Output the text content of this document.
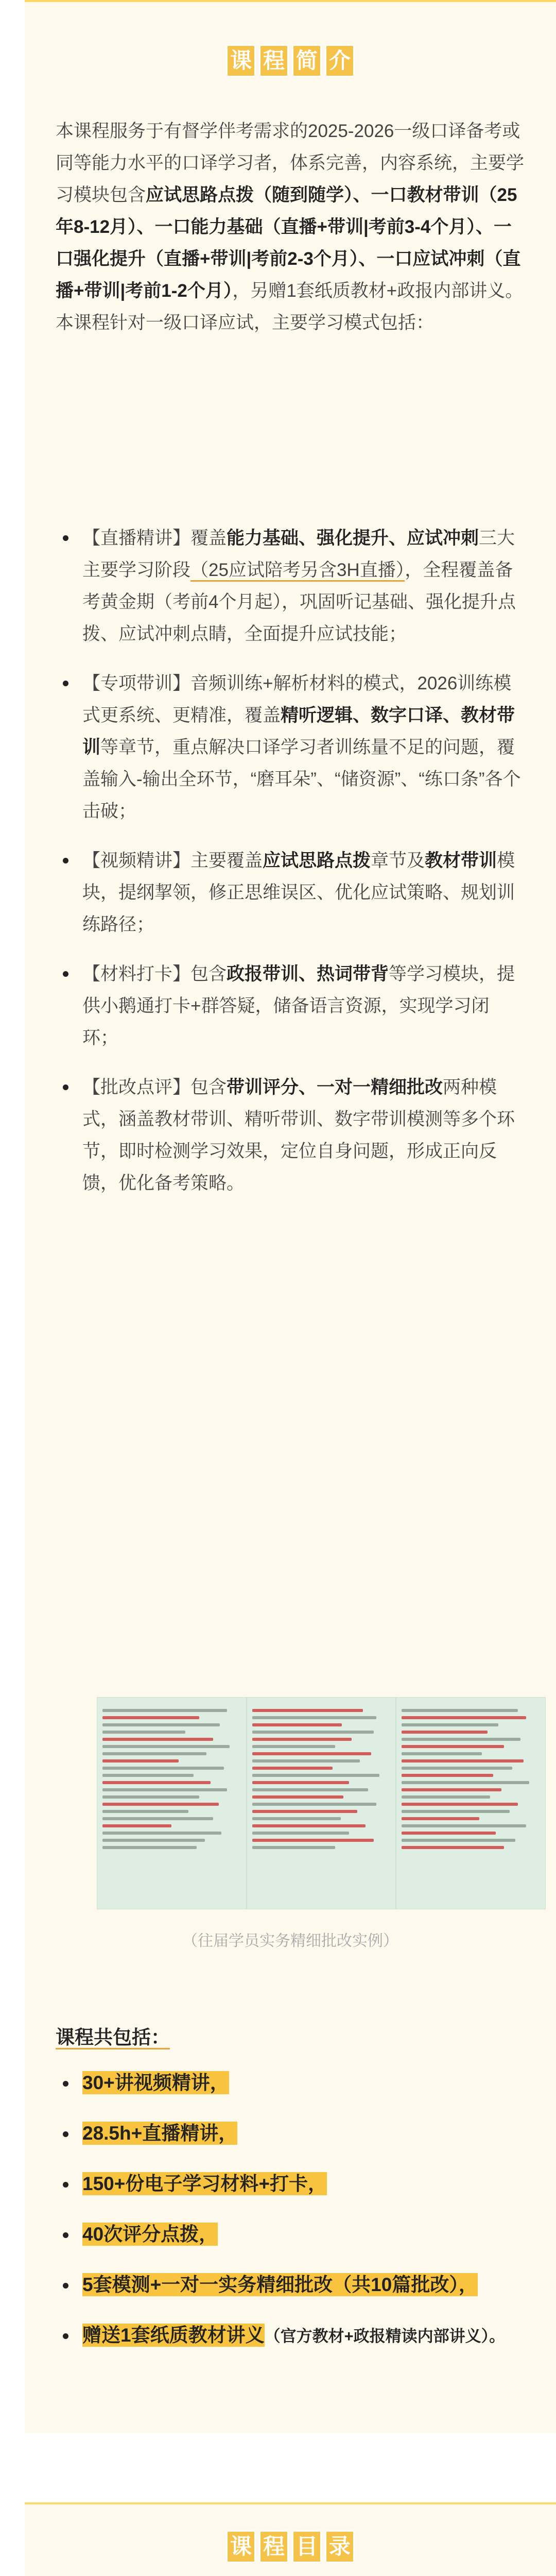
课 程 简 介
本课程服务于有督学伴考需求的2025-2026一级口译备考或同等能力水平的口译学习者，体系完善，内容系统，主要学习模块包含应试思路点拨（随到随学）、一口教材带训（25年8-12月）、一口能力基础（直播+带训|考前3-4个月）、一口强化提升（直播+带训|考前2-3个月）、一口应试冲刺（直播+带训|考前1-2个月），另赠1套纸质教材+政报内部讲义。本课程针对一级口译应试，主要学习模式包括：
【直播精讲】覆盖能力基础、强化提升、应试冲刺三大主要学习阶段（25应试陪考另含3H直播），全程覆盖备考黄金期（考前4个月起），巩固听记基础、强化提升点拨、应试冲刺点睛，全面提升应试技能；
【专项带训】音频训练+解析材料的模式，2026训练模式更系统、更精准，覆盖精听逻辑、数字口译、教材带训等章节，重点解决口译学习者训练量不足的问题，覆盖输入-输出全环节，“磨耳朵”、“储资源”、“练口条”各个击破；
【视频精讲】主要覆盖应试思路点拨章节及教材带训模块，提纲挈领，修正思维误区、优化应试策略、规划训练路径；
【材料打卡】包含政报带训、热词带背等学习模块，提供小鹅通打卡+群答疑，储备语言资源，实现学习闭环；
【批改点评】包含带训评分、一对一精细批改两种模式，涵盖教材带训、精听带训、数字带训模测等多个环节，即时检测学习效果，定位自身问题，形成正向反馈，优化备考策略。
（往届学员实务精细批改实例）
课程共包括：
30+讲视频精讲，
28.5h+直播精讲，
150+份电子学习材料+打卡，
40次评分点拨，
5套模测+一对一实务精细批改（共10篇批改），
赠送1套纸质教材讲义（官方教材+政报精读内部讲义）。
课 程 目 录
